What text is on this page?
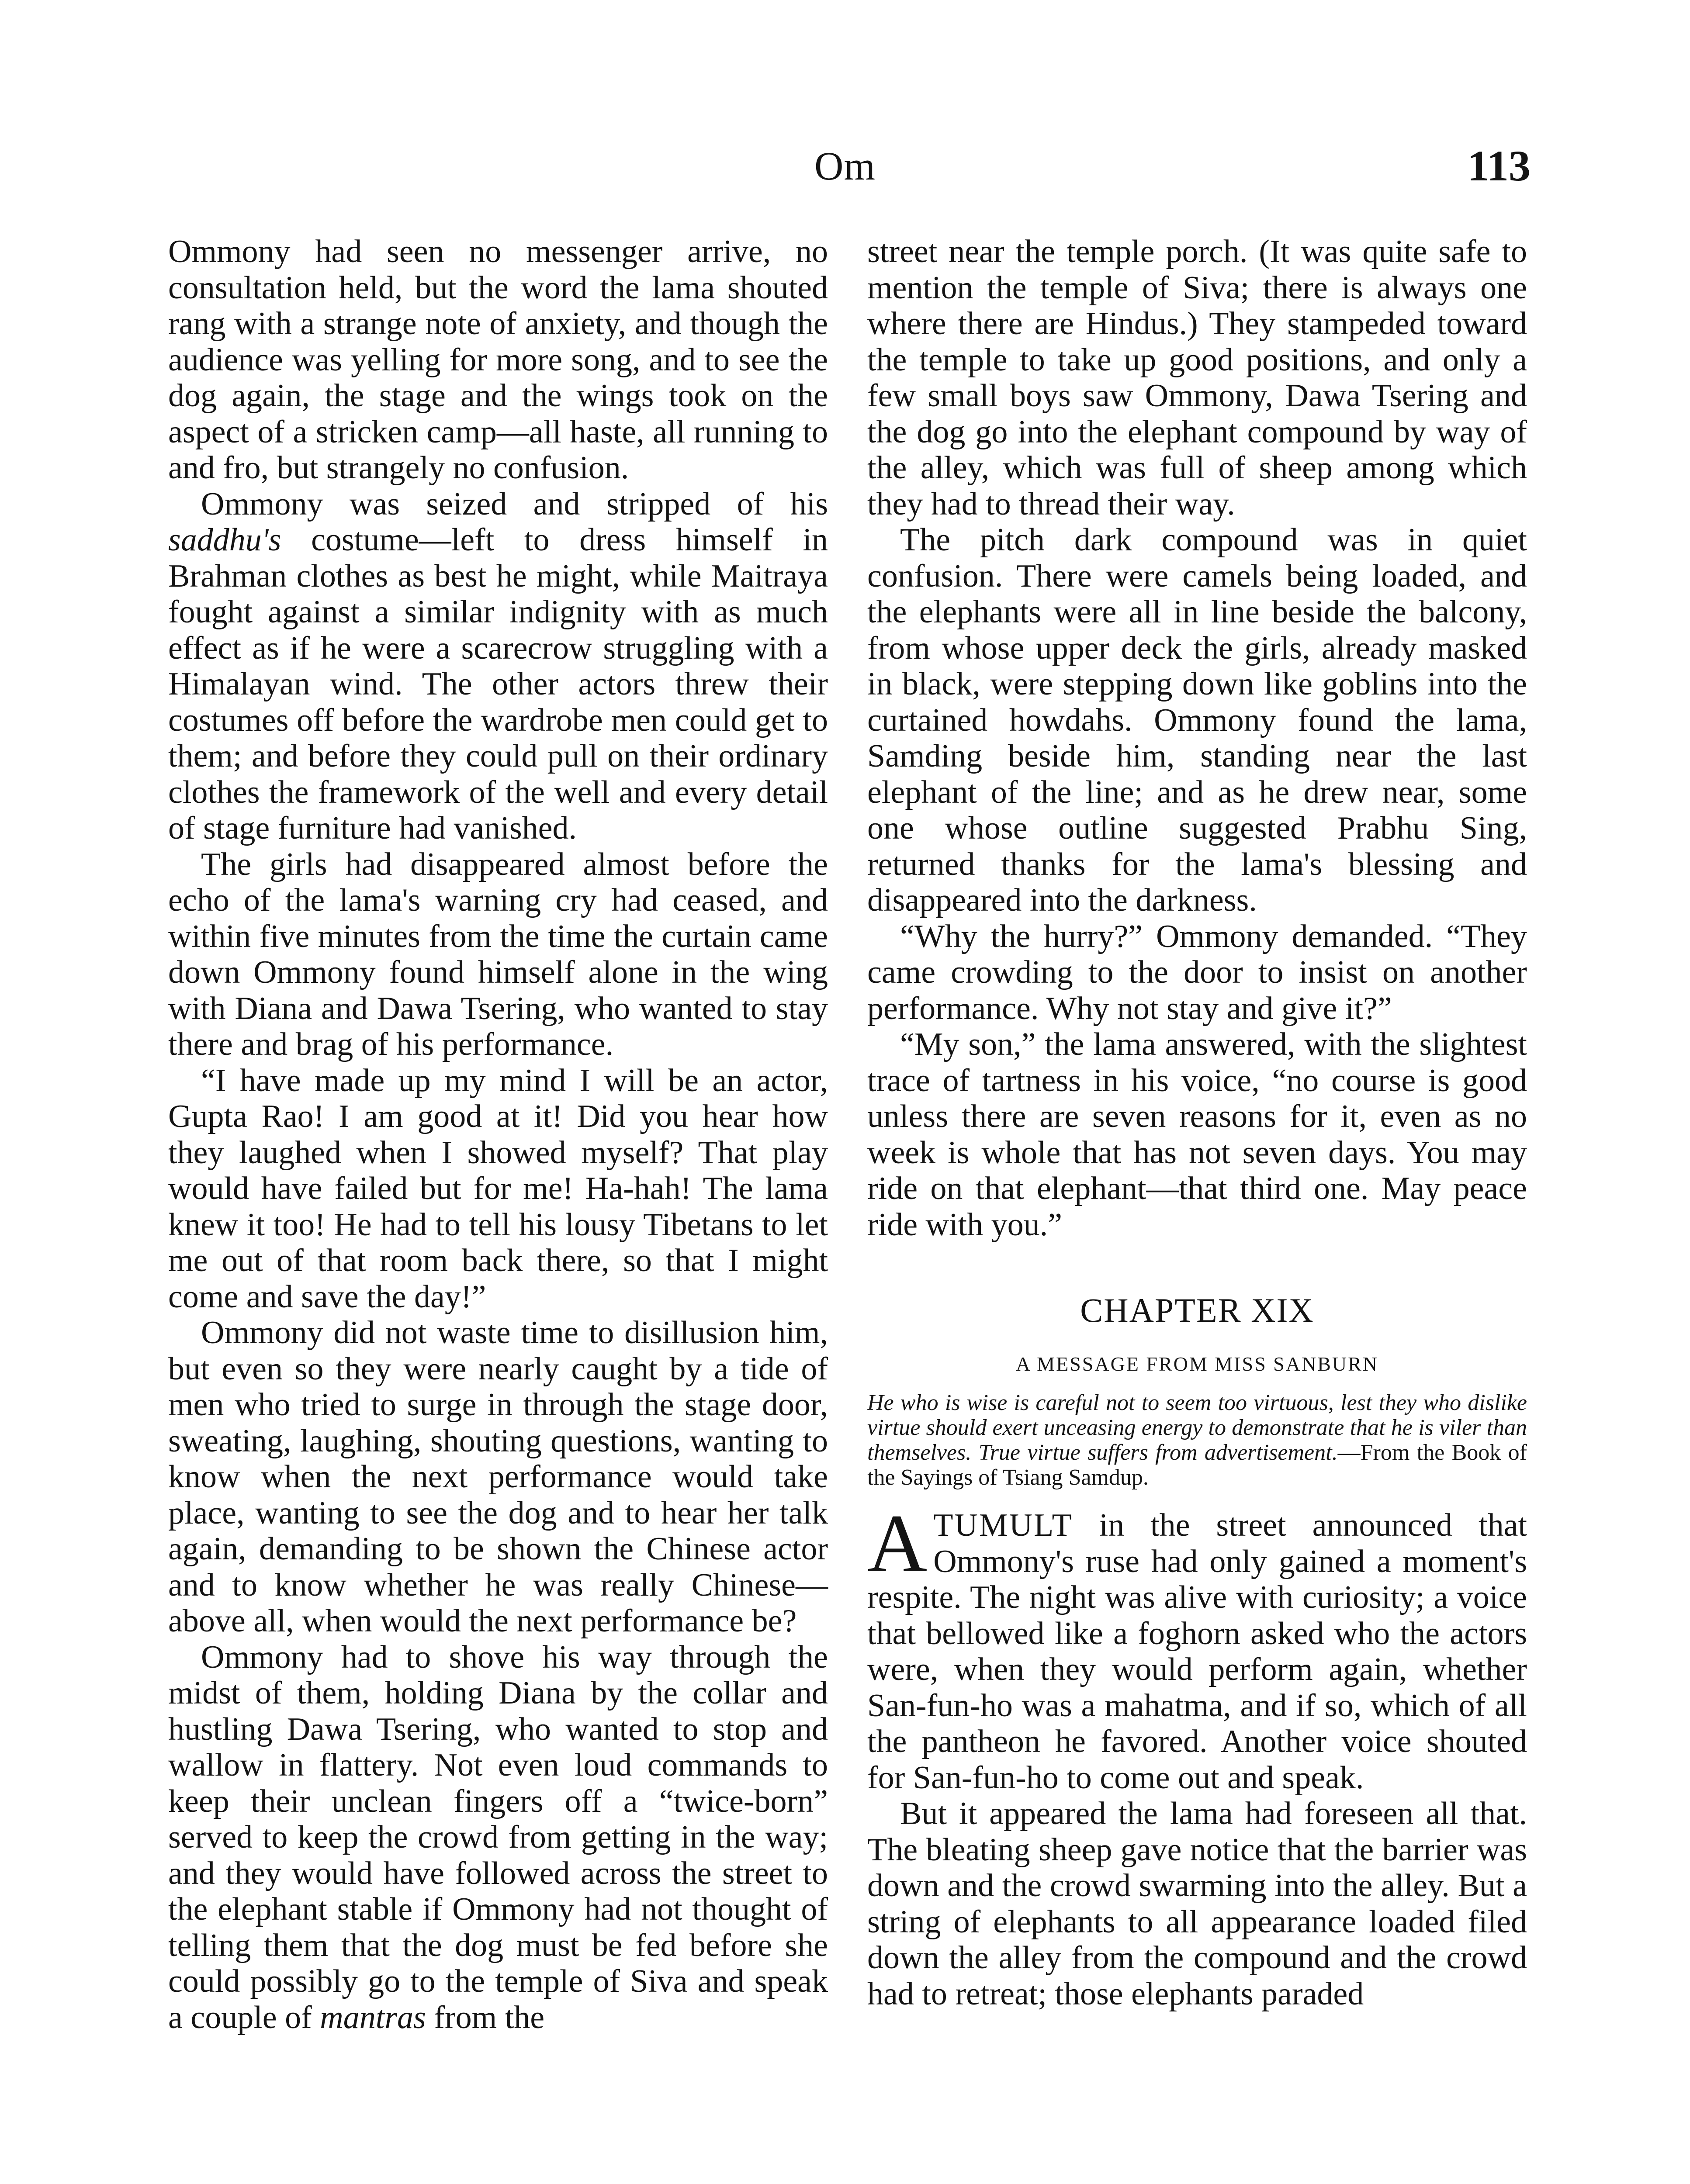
Om	113

Ommony had seen no messenger arrive, no consultation held, but the word the lama shouted rang with a strange note of anxiety, and though the audience was yelling for more song, and to see the dog again, the stage and the wings took on the aspect of a stricken camp—all haste, all running to and fro, but strangely no confusion.

Ommony was seized and stripped of his saddhu's costume—left to dress himself in Brahman clothes as best he might, while Maitraya fought against a similar indignity with as much effect as if he were a scarecrow struggling with a Himalayan wind. The other actors threw their costumes off before the wardrobe men could get to them; and before they could pull on their ordinary clothes the framework of the well and every detail of stage furniture had vanished.

The girls had disappeared almost before the echo of the lama's warning cry had ceased, and within five minutes from the time the curtain came down Ommony found himself alone in the wing with Diana and Dawa Tsering, who wanted to stay there and brag of his performance.

“I have made up my mind I will be an actor, Gupta Rao! I am good at it! Did you hear how they laughed when I showed myself? That play would have failed but for me! Ha-hah! The lama knew it too! He had to tell his lousy Tibetans to let me out of that room back there, so that I might come and save the day!”

Ommony did not waste time to disillusion him, but even so they were nearly caught by a tide of men who tried to surge in through the stage door, sweating, laughing, shouting questions, wanting to know when the next performance would take place, wanting to see the dog and to hear her talk again, demanding to be shown the Chinese actor and to know whether he was really Chinese—above all, when would the next performance be?

Ommony had to shove his way through the midst of them, holding Diana by the collar and hustling Dawa Tsering, who wanted to stop and wallow in flattery. Not even loud commands to keep their unclean fingers off a “twice-born” served to keep the crowd from getting in the way; and they would have followed across the street to the elephant stable if Ommony had not thought of telling them that the dog must be fed before she could possibly go to the temple of Siva and speak a couple of mantras from the

street near the temple porch. (It was quite safe to mention the temple of Siva; there is always one where there are Hindus.) They stampeded toward the temple to take up good positions, and only a few small boys saw Ommony, Dawa Tsering and the dog go into the elephant compound by way of the alley, which was full of sheep among which they had to thread their way.

The pitch dark compound was in quiet confusion. There were camels being loaded, and the elephants were all in line beside the balcony, from whose upper deck the girls, already masked in black, were stepping down like goblins into the curtained howdahs. Ommony found the lama, Samding beside him, standing near the last elephant of the line; and as he drew near, some one whose outline suggested Prabhu Sing, returned thanks for the lama's blessing and disappeared into the darkness.

“Why the hurry?” Ommony demanded. “They came crowding to the door to insist on another performance. Why not stay and give it?”

“My son,” the lama answered, with the slightest trace of tartness in his voice, “no course is good unless there are seven reasons for it, even as no week is whole that has not seven days. You may ride on that elephant—that third one. May peace ride with you.”

CHAPTER XIX
A MESSAGE FROM MISS SANBURN
He who is wise is careful not to seem too virtuous, lest they who dislike virtue should exert unceasing energy to demonstrate that he is viler than themselves. True virtue suffers from advertisement.—From the Book of the Sayings of Tsiang Samdup.

ATUMULT in the street announced that Ommony's ruse had only gained a moment's respite. The night was alive with curiosity; a voice that bellowed like a foghorn asked who the actors were, when they would perform again, whether San-fun-ho was a mahatma, and if so, which of all the pantheon he favored. Another voice shouted for San-fun-ho to come out and speak.

But it appeared the lama had foreseen all that. The bleating sheep gave notice that the barrier was down and the crowd swarming into the alley. But a string of elephants to all appearance loaded filed down the alley from the compound and the crowd had to retreat; those elephants paraded
